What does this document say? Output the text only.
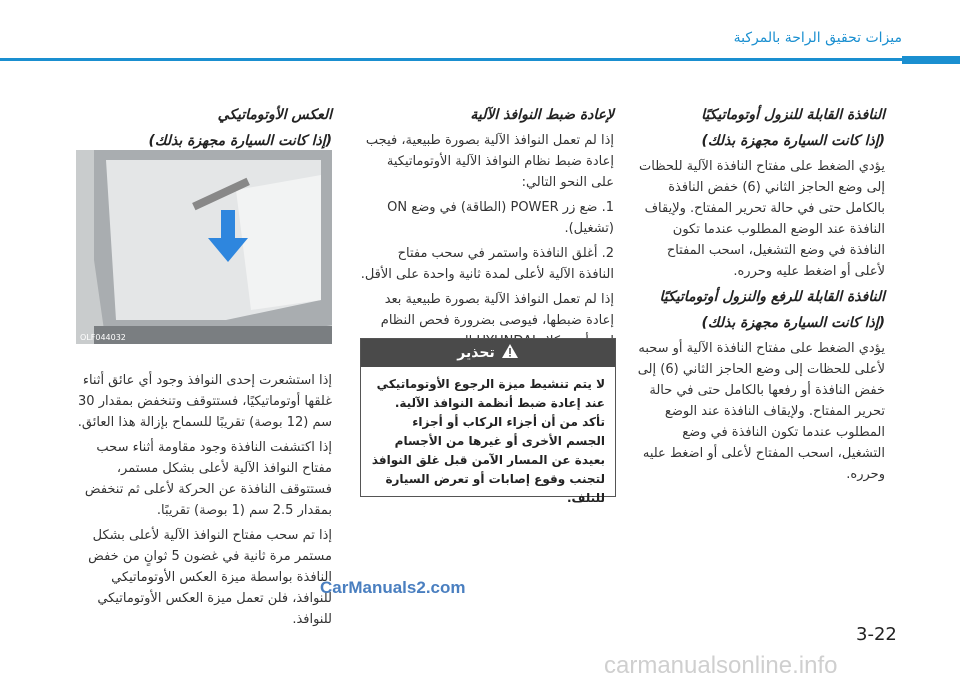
ميزات تحقيق الراحة بالمركبة

النافذة القابلة للنزول أوتوماتيكيًا

(إذا كانت السيارة مجهزة بذلك)

يؤدي الضغط على مفتاح النافذة الآلية للحظات إلى وضع الحاجز الثاني (6) خفض النافذة بالكامل حتى في حالة تحرير المفتاح. ولإيقاف النافذة عند الوضع المطلوب عندما تكون النافذة في وضع التشغيل، اسحب المفتاح لأعلى أو اضغط عليه وحرره.

النافذة القابلة للرفع والنزول أوتوماتيكيًا

(إذا كانت السيارة مجهزة بذلك)

يؤدي الضغط على مفتاح النافذة الآلية أو سحبه لأعلى للحظات إلى وضع الحاجز الثاني (6) إلى خفض النافذة أو رفعها بالكامل حتى في حالة تحرير المفتاح. ولإيقاف النافذة عند الوضع المطلوب عندما تكون النافذة في وضع التشغيل، اسحب المفتاح لأعلى أو اضغط عليه وحرره.

لإعادة ضبط النوافذ الآلية

إذا لم تعمل النوافذ الآلية بصورة طبيعية، فيجب إعادة ضبط نظام النوافذ الآلية الأوتوماتيكية على النحو التالي:

1. ضع زر POWER (الطاقة) في وضع ON (تشغيل).

2. أغلق النافذة واستمر في سحب مفتاح النافذة الآلية لأعلى لمدة ثانية واحدة على الأقل.

إذا لم تعمل النوافذ الآلية بصورة طبيعية بعد إعادة ضبطها، فيوصى بضرورة فحص النظام

تحذير
لا يتم تنشيط ميزة الرجوع الأوتوماتيكي عند إعادة ضبط أنظمة النوافذ الآلية. تأكد من أن أجزاء الركاب أو أجزاء الجسم الأخرى أو غيرها من الأجسام بعيدة عن المسار الآمن قبل غلق النوافذ لتجنب وقوع إصابات أو تعرض السيارة للتلف.

العكس الأوتوماتيكي

(إذا كانت السيارة مجهزة بذلك)

OLF044032

إذا استشعرت إحدى النوافذ وجود أي عائق أثناء غلقها أوتوماتيكيًا، فستتوقف وتنخفض بمقدار 30 سم (12 بوصة) تقريبًا للسماح بإزالة هذا العائق.

إذا اكتشفت النافذة وجود مقاومة أثناء سحب مفتاح النوافذ الآلية لأعلى بشكل مستمر، فستتوقف النافذة عن الحركة لأعلى ثم تنخفض بمقدار 2.5 سم (1 بوصة) تقريبًا.

إذا تم سحب مفتاح النوافذ الآلية لأعلى بشكل مستمر مرة ثانية في غضون 5 ثوانٍ من خفض النافذة بواسطة ميزة العكس الأوتوماتيكي للنوافذ، فلن تعمل ميزة العكس الأوتوماتيكي للنوافذ.

CarManuals2.com
3-22
carmanualsonline.info
